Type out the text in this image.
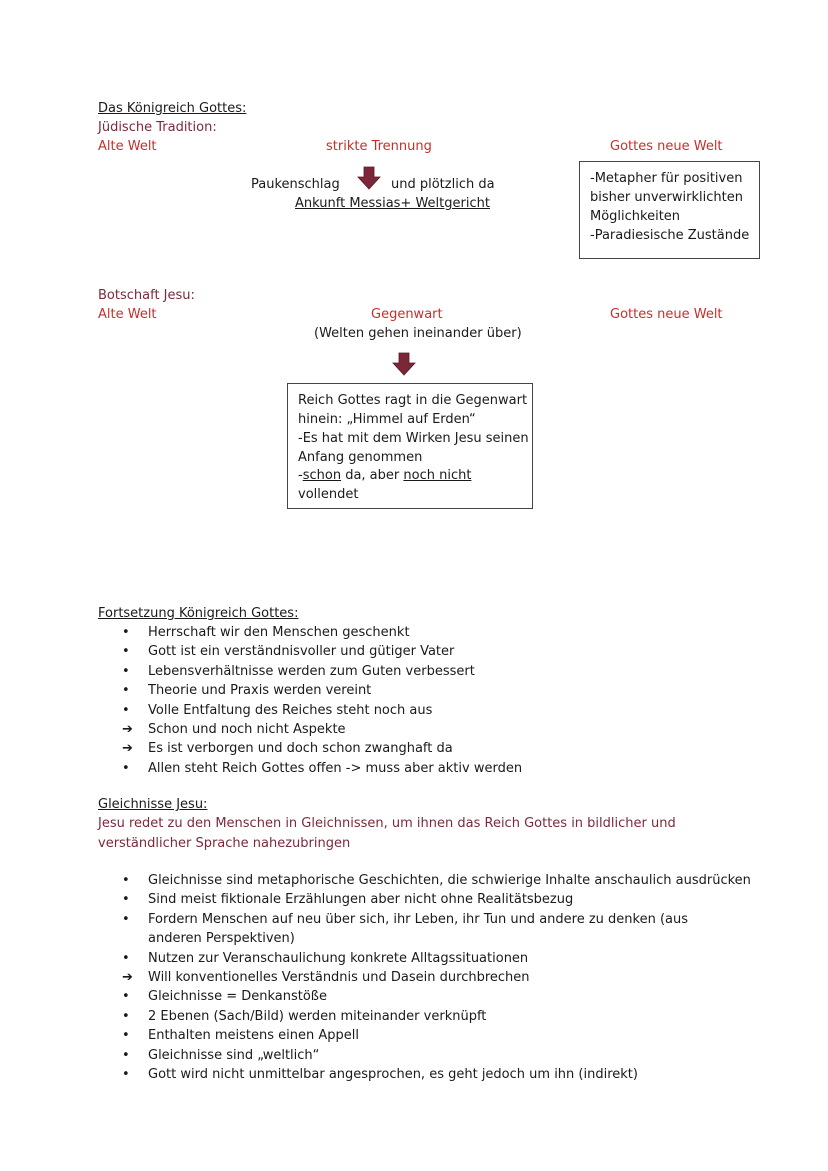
Das Königreich Gottes:
Jüdische Tradition:
Alte Welt	strikte Trennung	Gottes neue Welt
Paukenschlag	und plötzlich da
Ankunft Messias+ Weltgericht
-Metapher für positiven
bisher unverwirklichten
Möglichkeiten
-Paradiesische Zustände
Botschaft Jesu:
Alte Welt	Gegenwart	Gottes neue Welt
(Welten gehen ineinander über)
Reich Gottes ragt in die Gegenwart
hinein: „Himmel auf Erden“
-Es hat mit dem Wirken Jesu seinen
Anfang genommen
-schon da, aber noch nicht
vollendet
Fortsetzung Königreich Gottes:
• Herrschaft wir den Menschen geschenkt
• Gott ist ein verständnisvoller und gütiger Vater
• Lebensverhältnisse werden zum Guten verbessert
• Theorie und Praxis werden vereint
• Volle Entfaltung des Reiches steht noch aus
➔ Schon und noch nicht Aspekte
➔ Es ist verborgen und doch schon zwanghaft da
• Allen steht Reich Gottes offen -> muss aber aktiv werden
Gleichnisse Jesu:
Jesu redet zu den Menschen in Gleichnissen, um ihnen das Reich Gottes in bildlicher und verständlicher Sprache nahezubringen
• Gleichnisse sind metaphorische Geschichten, die schwierige Inhalte anschaulich ausdrücken
• Sind meist fiktionale Erzählungen aber nicht ohne Realitätsbezug
• Fordern Menschen auf neu über sich, ihr Leben, ihr Tun und andere zu denken (aus anderen Perspektiven)
• Nutzen zur Veranschaulichung konkrete Alltagssituationen
➔ Will konventionelles Verständnis und Dasein durchbrechen
• Gleichnisse = Denkanstöße
• 2 Ebenen (Sach/Bild) werden miteinander verknüpft
• Enthalten meistens einen Appell
• Gleichnisse sind „weltlich“
• Gott wird nicht unmittelbar angesprochen, es geht jedoch um ihn (indirekt)
